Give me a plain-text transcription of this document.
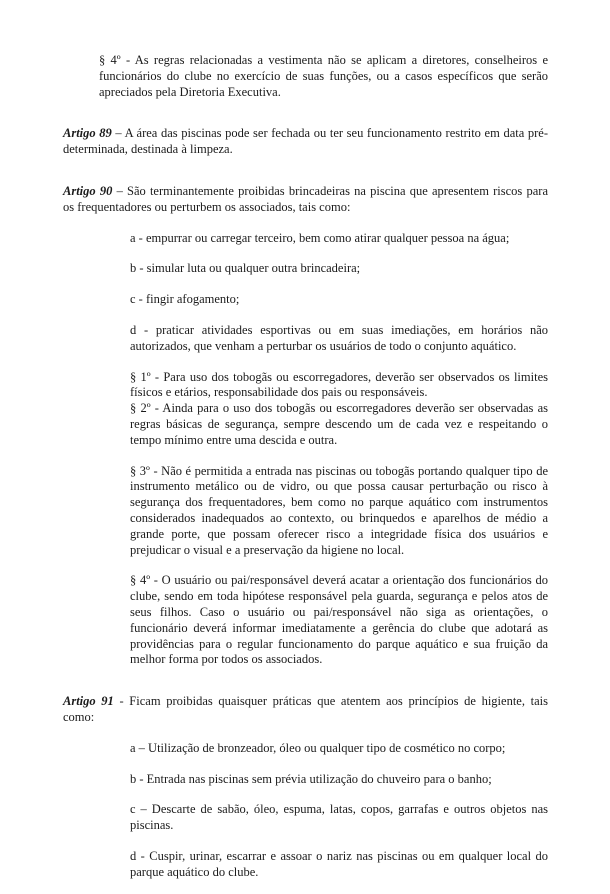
§ 4º - As regras relacionadas a vestimenta não se aplicam a diretores, conselheiros e funcionários do clube no exercício de suas funções, ou a casos específicos que serão apreciados pela Diretoria Executiva.

Artigo 89 – A área das piscinas pode ser fechada ou ter seu funcionamento restrito em data pré-determinada, destinada à limpeza.

Artigo 90 – São terminantemente proibidas brincadeiras na piscina que apresentem riscos para os frequentadores ou perturbem os associados, tais como:

a - empurrar ou carregar terceiro, bem como atirar qualquer pessoa na água;

b - simular luta ou qualquer outra brincadeira;

c - fingir afogamento;

d - praticar atividades esportivas ou em suas imediações, em horários não autorizados, que venham a perturbar os usuários de todo o conjunto aquático.

§ 1º - Para uso dos tobogãs ou escorregadores, deverão ser observados os limites físicos e etários, responsabilidade dos pais ou responsáveis.

§ 2º - Ainda para o uso dos tobogãs ou escorregadores deverão ser observadas as regras básicas de segurança, sempre descendo um de cada vez e respeitando o tempo mínimo entre uma descida e outra.

§ 3º - Não é permitida a entrada nas piscinas ou tobogãs portando qualquer tipo de instrumento metálico ou de vidro, ou que possa causar perturbação ou risco à segurança dos frequentadores, bem como no parque aquático com instrumentos considerados inadequados ao contexto, ou brinquedos e aparelhos de médio a grande porte, que possam oferecer risco a integridade física dos usuários e prejudicar o visual e a preservação da higiene no local.

§ 4º - O usuário ou pai/responsável deverá acatar a orientação dos funcionários do clube, sendo em toda hipótese responsável pela guarda, segurança e pelos atos de seus filhos. Caso o usuário ou pai/responsável não siga as orientações, o funcionário deverá informar imediatamente a gerência do clube que adotará as providências para o regular funcionamento do parque aquático e sua fruição da melhor forma por todos os associados.

Artigo 91 - Ficam proibidas quaisquer práticas que atentem aos princípios de higiente, tais como:

a – Utilização de bronzeador, óleo ou qualquer tipo de cosmético no corpo;

b - Entrada nas piscinas sem prévia utilização do chuveiro para o banho;

c – Descarte de sabão, óleo, espuma, latas, copos, garrafas e outros objetos nas piscinas.

d - Cuspir, urinar, escarrar e assoar o nariz nas piscinas ou em qualquer local do parque aquático do clube.
